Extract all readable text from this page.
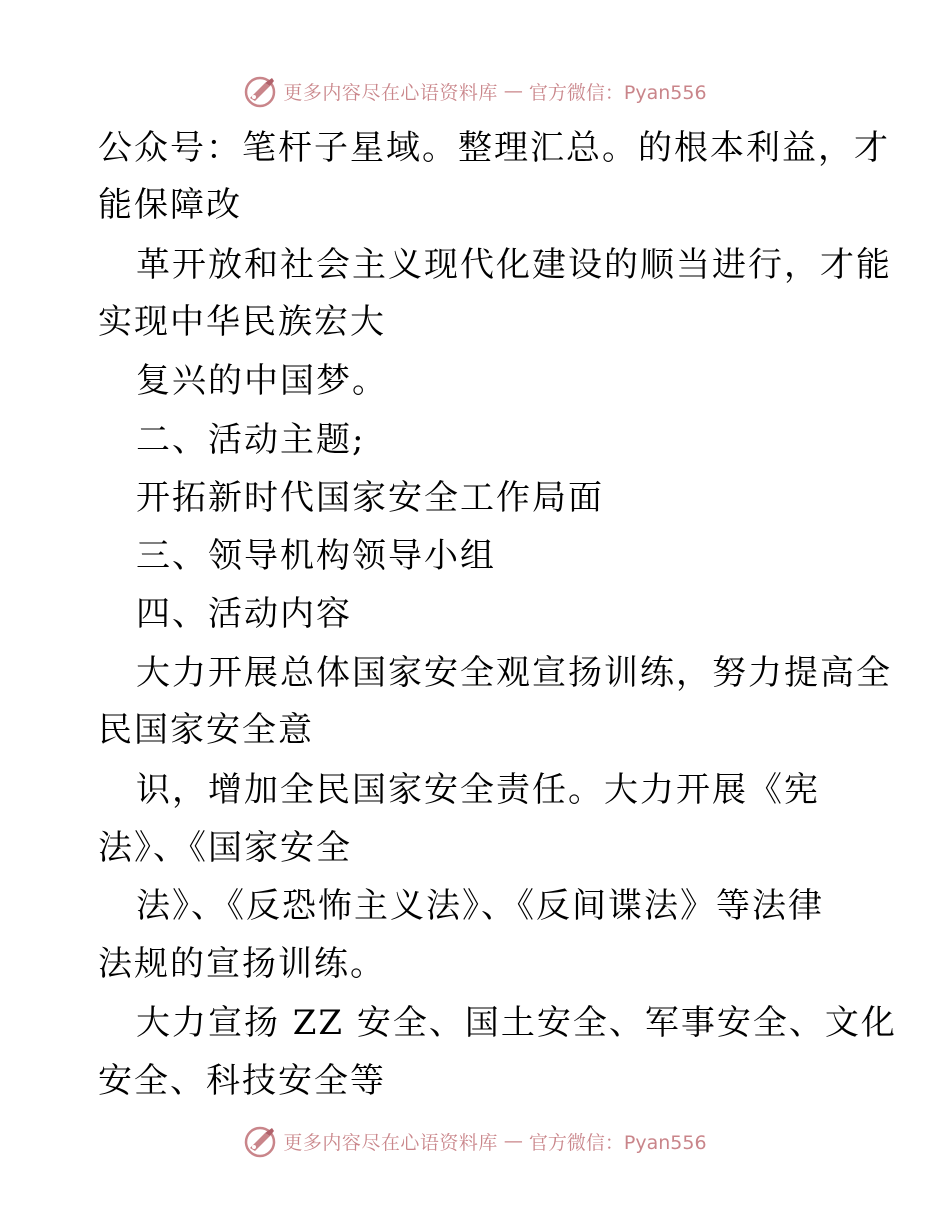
更多内容尽在心语资料库 — 官方微信：Pyan556
公众号：笔杆子星域。整理汇总。的根本利益，才
能保障改
革开放和社会主义现代化建设的顺当进行，才能
实现中华民族宏大
复兴的中国梦。
二、活动主题;
开拓新时代国家安全工作局面
三、领导机构领导小组
四、活动内容
大力开展总体国家安全观宣扬训练，努力提高全
民国家安全意
识，增加全民国家安全责任。大力开展《宪
法》、《国家安全
法》、《反恐怖主义法》、《反间谍法》等法律
法规的宣扬训练。
大力宣扬 ZZ 安全、国土安全、军事安全、文化
安全、科技安全等
更多内容尽在心语资料库 — 官方微信：Pyan556
